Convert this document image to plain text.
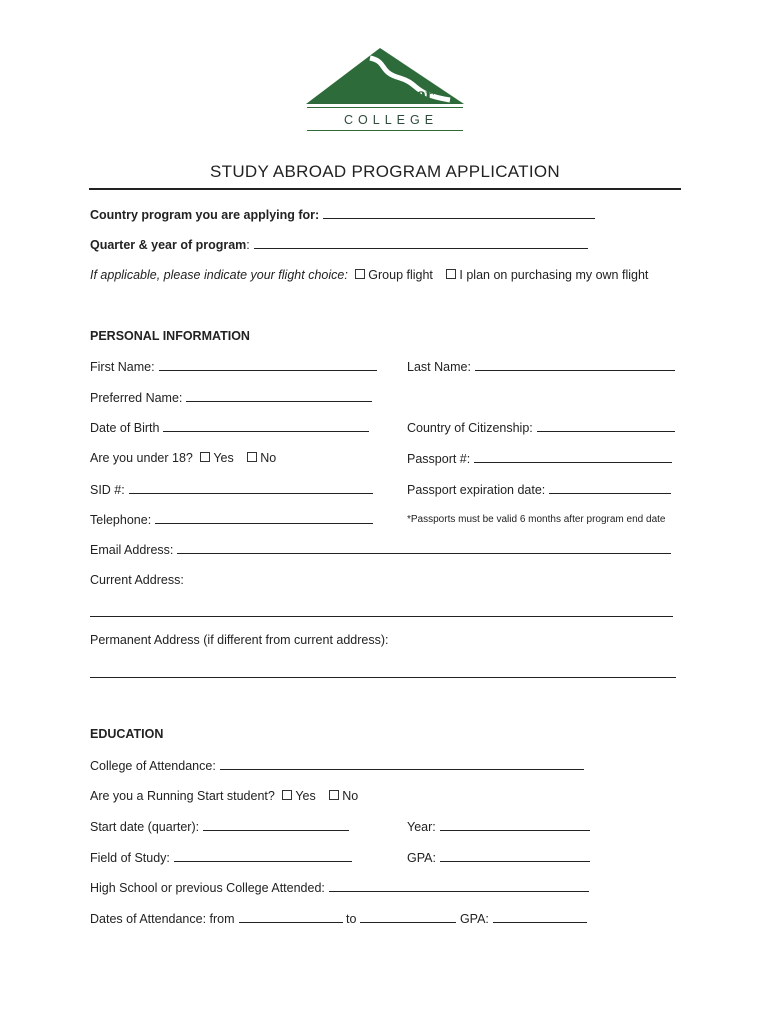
Green River
COLLEGE
STUDY ABROAD PROGRAM APPLICATION
Country program you are applying for:
Quarter & year of program:
If applicable, please indicate your flight choice: Group flight I plan on purchasing my own flight
PERSONAL INFORMATION
First Name:	Last Name:
Preferred Name:
Date of Birth	Country of Citizenship:
Are you under 18? Yes No	Passport #:
SID #:	Passport expiration date:
Telephone:	*Passports must be valid 6 months after program end date
Email Address:
Current Address:
Permanent Address (if different from current address):
EDUCATION
College of Attendance:
Are you a Running Start student? Yes No
Start date (quarter):	Year:
Field of Study:	GPA:
High School or previous College Attended:
Dates of Attendance: from	to	GPA:
